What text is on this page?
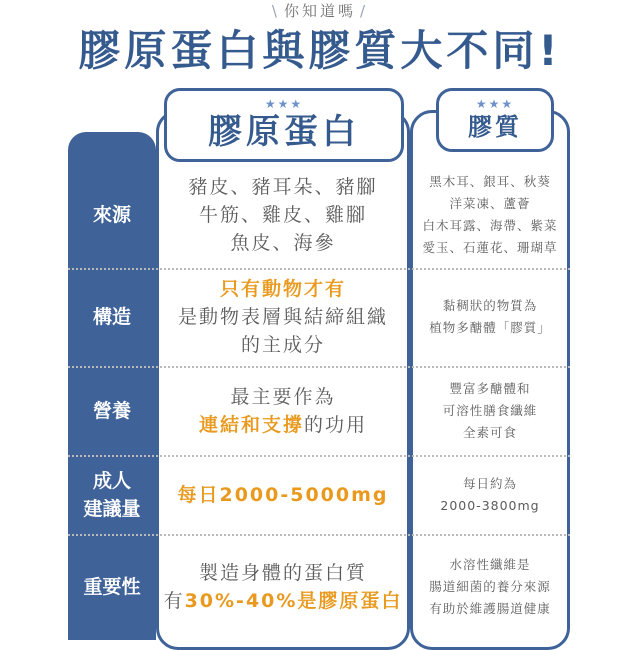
\ 你知道嗎 /
膠原蛋白與膠質大不同!
★★★
膠原蛋白
★★★
膠質
來源
豬皮、豬耳朵、豬腳
牛筋、雞皮、雞腳
魚皮、海參
黑木耳、銀耳、秋葵
洋菜凍、蘆薈
白木耳露、海帶、紫菜
愛玉、石蓮花、珊瑚草
構造
只有動物才有
是動物表層與結締組織
的主成分
黏稠狀的物質為
植物多醣體「膠質」
營養
最主要作為
連結和支撐的功用
豐富多醣體和
可溶性膳食纖維
全素可食
成人
建議量
每日2000-5000mg
每日約為
2000-3800mg
重要性
製造身體的蛋白質
有30%-40%是膠原蛋白
水溶性纖維是
腸道細菌的養分來源
有助於維護腸道健康
